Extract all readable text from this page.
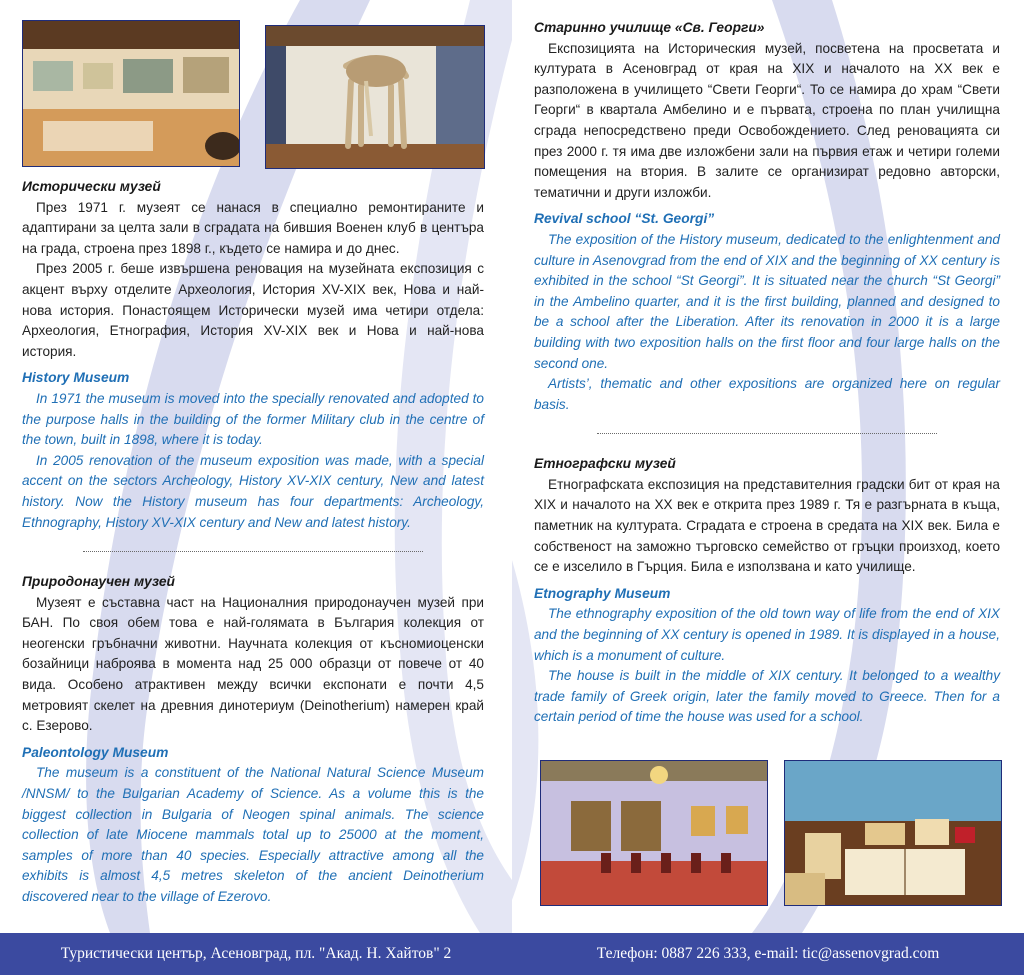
Исторически музей

През 1971 г. музеят се нанася в специално ремонтираните и адаптирани за целта зали в сградата на бившия Военен клуб в центъра на града, строена през 1898 г., където се намира и до днес.

През 2005 г. беше извършена реновация на музейната експозиция с акцент върху отделите Археология, История XV-XIX век, Нова и най-нова история. Понастоящем Исторически музей има четири отдела: Археология, Етнография, История XV-XIX век и Нова и най-нова история.

History Museum

In 1971 the museum is moved into the specially renovated and adopted to the purpose halls in the building of the former Military club in the centre of the town, built in 1898, where it is today.

In 2005 renovation of the museum exposition was made, with a special accent on the sectors Archeology, History XV-XIX century, New and latest history. Now the History museum has four departments: Archeology, Ethnography, History XV-XIX century and New and latest history.

Природонаучен музей

Музеят е съставна част на Националния природонаучен музей при БАН. По своя обем това е най-голямата в България колекция от неогенски гръбначни животни. Научната колекция от късномиоценски бозайници наброява в момента над 25 000 образци от повече от 40 вида. Особено атрактивен между всички експонати е почти 4,5 метровият скелет на древния динотериум (Deinotherium) намерен край с. Езерово.

Paleontology Museum

The museum is a constituent of the National Natural Science Museum /NNSM/ to the Bulgarian Academy of Science. As a volume this is the biggest collection in Bulgaria of Neogen spinal animals. The science collection of late Miocene mammals total up to 25000 at the moment, samples of more than 40 species. Especially attractive among all the exhibits is almost 4,5 metres skeleton of the ancient Deinotherium discovered near to the village of Ezerovo.

Туристически център, Асеновград, пл. "Акад. Н. Хайтов" 2
Старинно училище «Св. Георги»

Експозицията на Историческия музей, посветена на просветата и културата в Асеновград от края на XIX и началото на XX век е разположена в училището “Свети Георги“. То се намира до храм “Свети Георги“ в квартала Амбелино и е първата, строена по план училищна сграда непосредствено преди Освобождението. След реновацията си през 2000 г. тя има две изложбени зали на първия етаж и четири големи помещения на втория. В залите се организират редовно авторски, тематични и други изложби.

Revival school “St. Georgi”

The exposition of the History museum, dedicated to the enlightenment and culture in Asenovgrad from the end of XIX and the beginning of XX century is exhibited in the school “St Georgi”. It is situated near the church “St Georgi” in the Ambelino quarter, and it is the first building, planned and designed to be a school after the Liberation. After its renovation in 2000 it is a large building with two exposition halls on the first floor and four large halls on the second one.

Artists’, thematic and other expositions are organized here on regular basis.

Етнографски музей

Етнографската експозиция на представителния градски бит от края на XIX и началото на XX век е открита през 1989 г. Тя е разгърната в къща, паметник на културата. Сградата е строена в средата на XIX век. Била е собственост на заможно търговско семейство от гръцки произход, което се е изселило в Гърция. Била е използвана и като училище.

Etnography Museum

The ethnography exposition of the old town way of life from the end of XIX and the beginning of XX century is opened in 1989. It is displayed in a house, which is a monument of culture.

The house is built in the middle of XIX century. It belonged to a wealthy trade family of Greek origin, later the family moved to Greece. Then for a certain period of time the house was used for a school.

Телефон: 0887 226 333, e-mail: tic@assenovgrad.com
